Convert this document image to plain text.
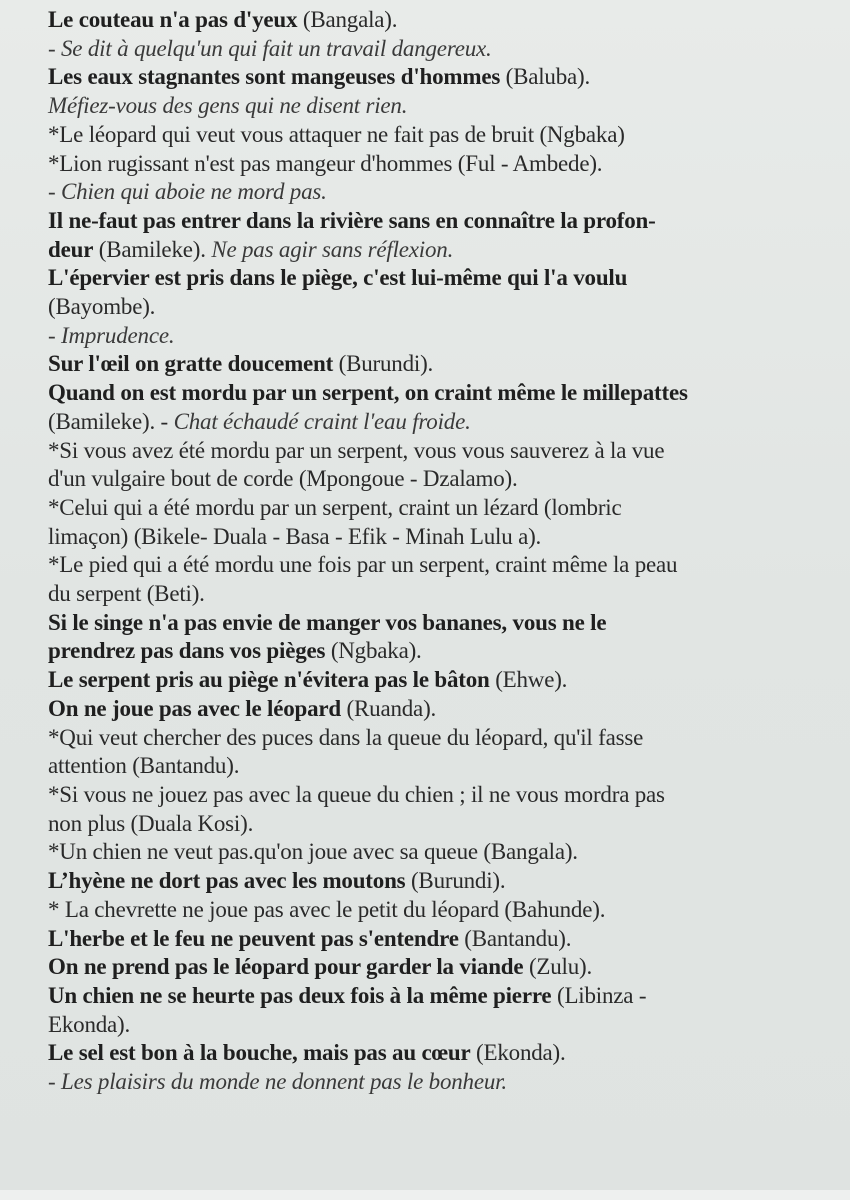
Le couteau n'a pas d'yeux (Bangala).
- Se dit à quelqu'un qui fait un travail dangereux.
Les eaux stagnantes sont mangeuses d'hommes (Baluba).
Méfiez-vous des gens qui ne disent rien.
*Le léopard qui veut vous attaquer ne fait pas de bruit (Ngbaka)
*Lion rugissant n'est pas mangeur d'hommes (Ful - Ambede).
- Chien qui aboie ne mord pas.
Il ne-faut pas entrer dans la rivière sans en connaître la profon-
deur (Bamileke). Ne pas agir sans réflexion.
L'épervier est pris dans le piège, c'est lui-même qui l'a voulu
(Bayombe).
- Imprudence.
Sur l'œil on gratte doucement (Burundi).
Quand on est mordu par un serpent, on craint même le millepattes
(Bamileke). - Chat échaudé craint l'eau froide.
*Si vous avez été mordu par un serpent, vous vous sauverez à la vue
d'un vulgaire bout de corde (Mpongoue - Dzalamo).
*Celui qui a été mordu par un serpent, craint un lézard (lombric
limaçon) (Bikele- Duala - Basa - Efik - Minah Lulu a).
*Le pied qui a été mordu une fois par un serpent, craint même la peau
du serpent (Beti).
Si le singe n'a pas envie de manger vos bananes, vous ne le
prendrez pas dans vos pièges (Ngbaka).
Le serpent pris au piège n'évitera pas le bâton (Ehwe).
On ne joue pas avec le léopard (Ruanda).
*Qui veut chercher des puces dans la queue du léopard, qu'il fasse
attention (Bantandu).
*Si vous ne jouez pas avec la queue du chien ; il ne vous mordra pas
non plus (Duala Kosi).
*Un chien ne veut pas.qu'on joue avec sa queue (Bangala).
L’hyène ne dort pas avec les moutons (Burundi).
* La chevrette ne joue pas avec le petit du léopard (Bahunde).
L'herbe et le feu ne peuvent pas s'entendre (Bantandu).
On ne prend pas le léopard pour garder la viande (Zulu).
Un chien ne se heurte pas deux fois à la même pierre (Libinza -
Ekonda).
Le sel est bon à la bouche, mais pas au cœur (Ekonda).
- Les plaisirs du monde ne donnent pas le bonheur.
